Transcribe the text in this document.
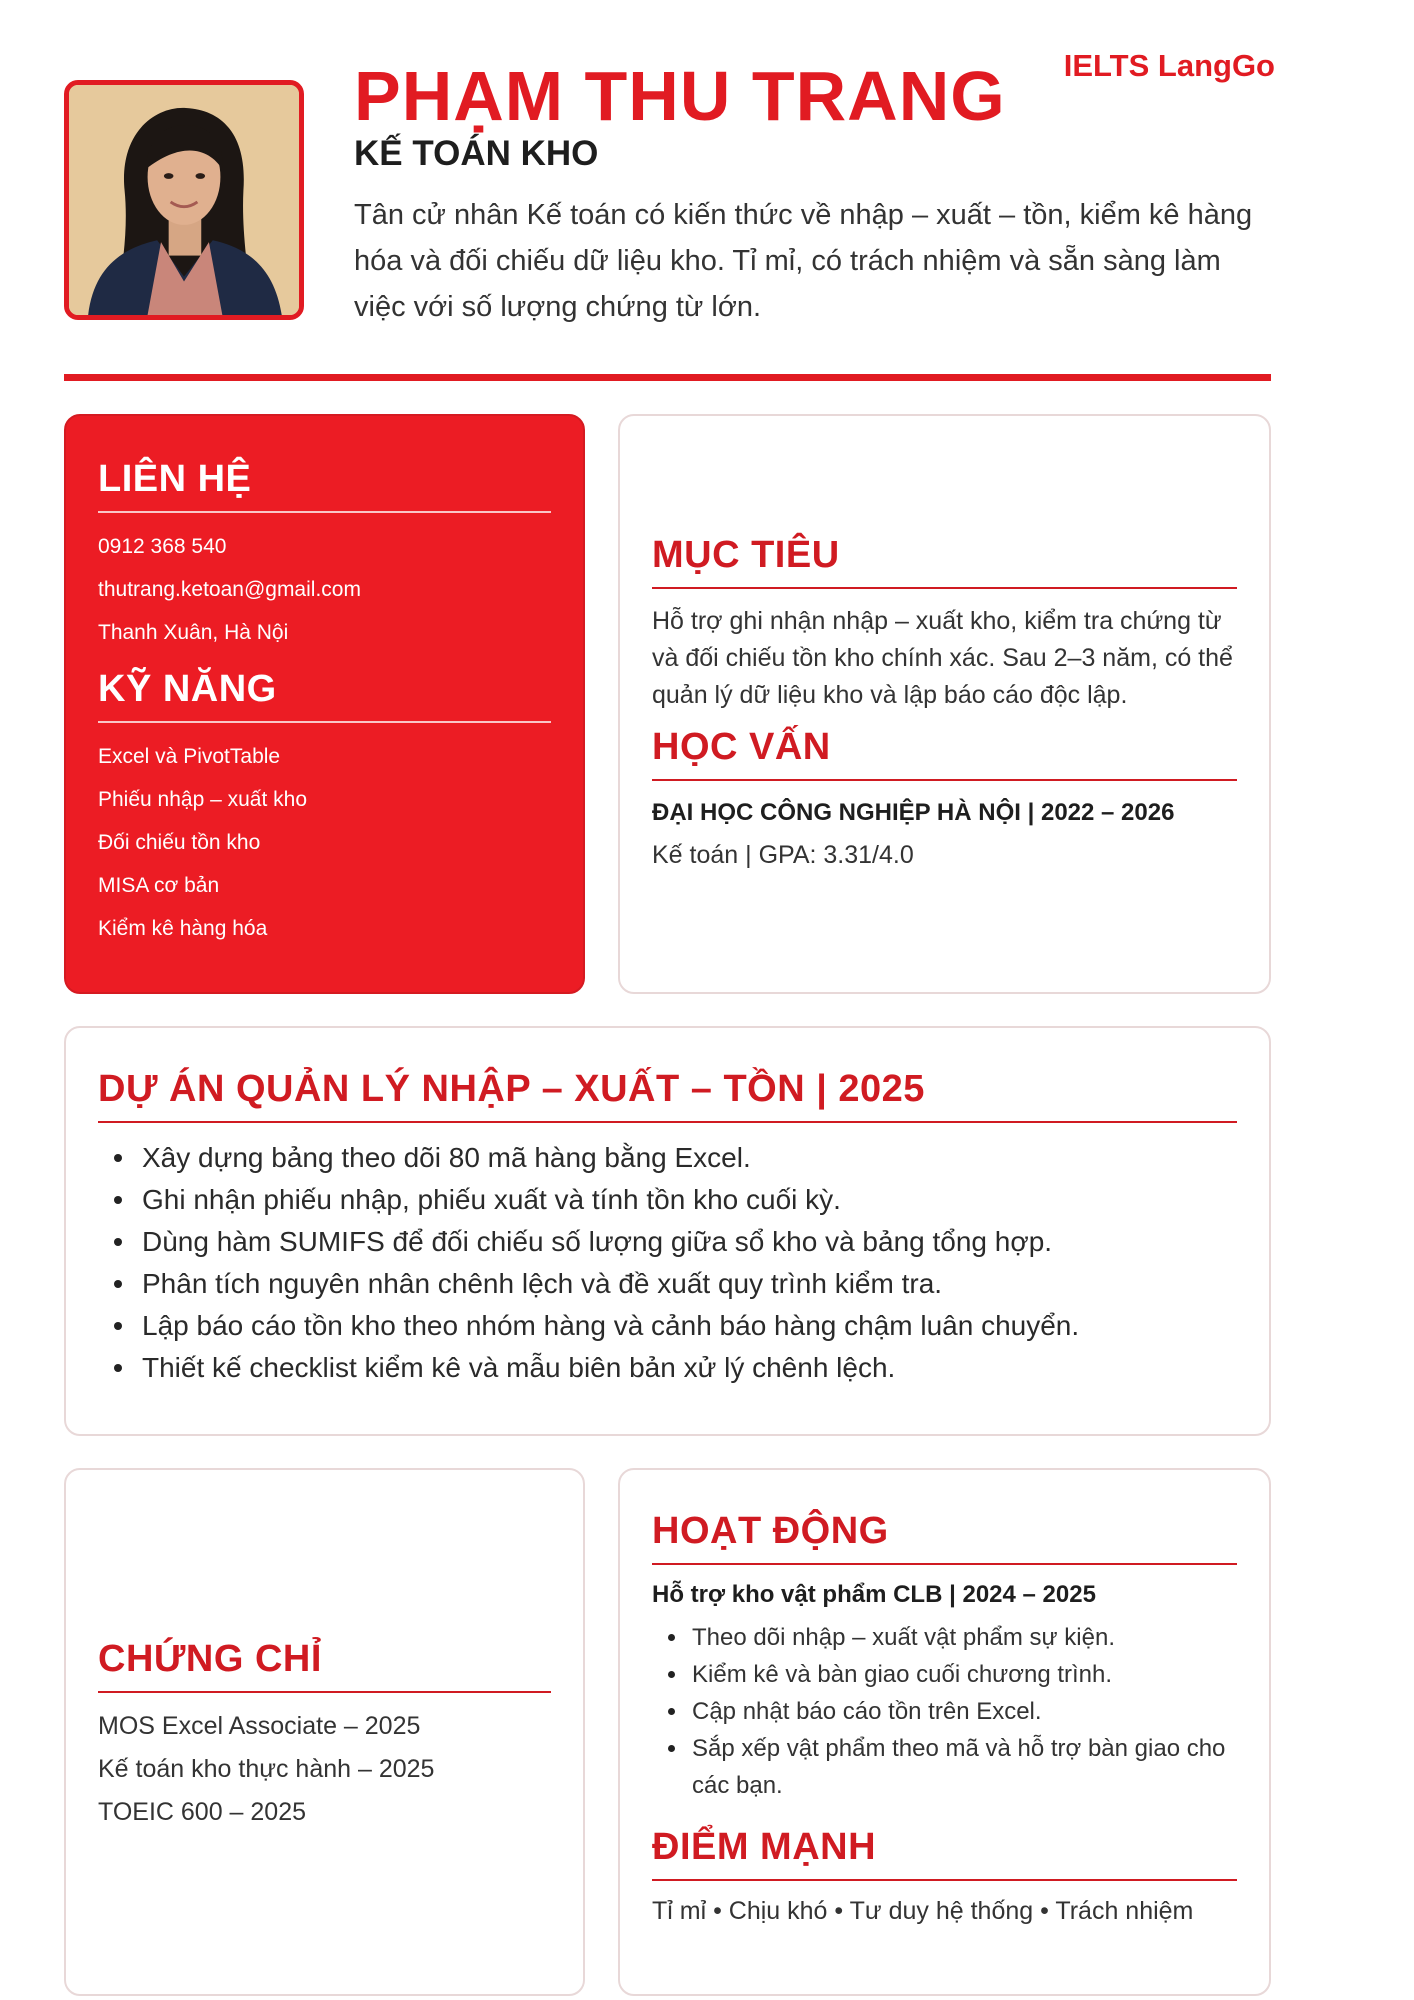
IELTS LangGo
PHẠM THU TRANG
KẾ TOÁN KHO
Tân cử nhân Kế toán có kiến thức về nhập – xuất – tồn, kiểm kê hàng hóa và đối chiếu dữ liệu kho. Tỉ mỉ, có trách nhiệm và sẵn sàng làm việc với số lượng chứng từ lớn.
LIÊN HỆ
0912 368 540
thutrang.ketoan@gmail.com
Thanh Xuân, Hà Nội
KỸ NĂNG
Excel và PivotTable
Phiếu nhập – xuất kho
Đối chiếu tồn kho
MISA cơ bản
Kiểm kê hàng hóa
MỤC TIÊU
Hỗ trợ ghi nhận nhập – xuất kho, kiểm tra chứng từ và đối chiếu tồn kho chính xác. Sau 2–3 năm, có thể quản lý dữ liệu kho và lập báo cáo độc lập.
HỌC VẤN
ĐẠI HỌC CÔNG NGHIỆP HÀ NỘI | 2022 – 2026
Kế toán | GPA: 3.31/4.0
DỰ ÁN QUẢN LÝ NHẬP – XUẤT – TỒN | 2025
Xây dựng bảng theo dõi 80 mã hàng bằng Excel.
Ghi nhận phiếu nhập, phiếu xuất và tính tồn kho cuối kỳ.
Dùng hàm SUMIFS để đối chiếu số lượng giữa sổ kho và bảng tổng hợp.
Phân tích nguyên nhân chênh lệch và đề xuất quy trình kiểm tra.
Lập báo cáo tồn kho theo nhóm hàng và cảnh báo hàng chậm luân chuyển.
Thiết kế checklist kiểm kê và mẫu biên bản xử lý chênh lệch.
CHỨNG CHỈ
MOS Excel Associate – 2025
Kế toán kho thực hành – 2025
TOEIC 600 – 2025
HOẠT ĐỘNG
Hỗ trợ kho vật phẩm CLB | 2024 – 2025
Theo dõi nhập – xuất vật phẩm sự kiện.
Kiểm kê và bàn giao cuối chương trình.
Cập nhật báo cáo tồn trên Excel.
Sắp xếp vật phẩm theo mã và hỗ trợ bàn giao cho các bạn.
ĐIỂM MẠNH
Tỉ mỉ • Chịu khó • Tư duy hệ thống • Trách nhiệm
